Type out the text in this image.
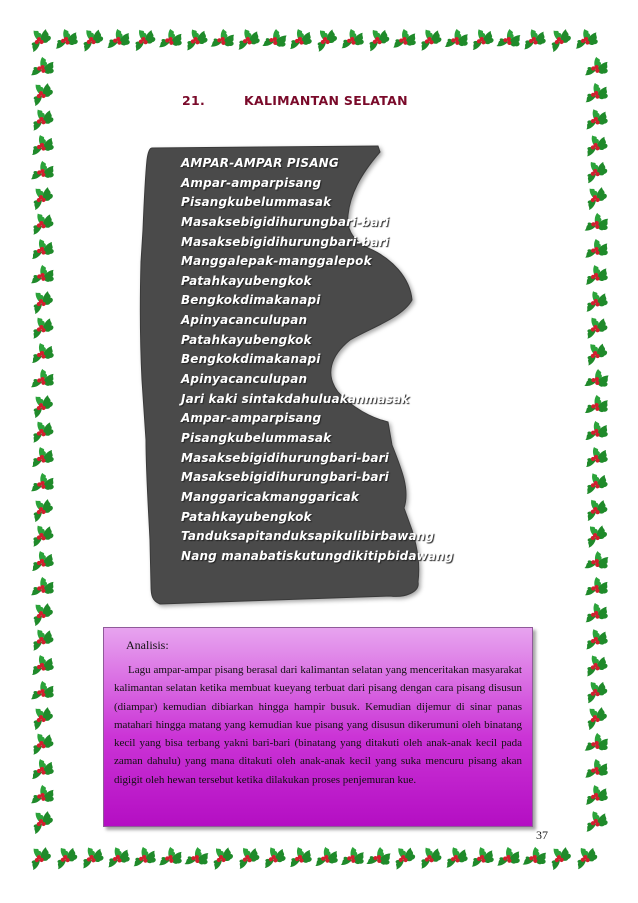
21.	KALIMANTAN SELATAN
AMPAR-AMPAR PISANG
Ampar-amparpisang
Pisangkubelummasak
Masaksebigidihurungbari-bari
Masaksebigidihurungbari-bari
Manggalepak-manggalepok
Patahkayubengkok
Bengkokdimakanapi
Apinyacanculupan
Patahkayubengkok
Bengkokdimakanapi
Apinyacanculupan
Jari kaki sintakdahuluakanmasak
Ampar-amparpisang
Pisangkubelummasak
Masaksebigidihurungbari-bari
Masaksebigidihurungbari-bari
Manggaricakmanggaricak
Patahkayubengkok
Tanduksapitanduksapikulibirbawang
Nang manabatiskutungdikitipbidawang

Analisis:

Lagu ampar-ampar pisang berasal dari kalimantan selatan yang menceritakan masyarakat kalimantan selatan ketika membuat kueyang terbuat dari pisang dengan cara pisang disusun (diampar) kemudian dibiarkan hingga hampir busuk. Kemudian dijemur di sinar panas matahari hingga matang yang kemudian kue pisang yang disusun dikerumuni oleh binatang kecil yang bisa terbang yakni bari-bari (binatang yang ditakuti oleh anak-anak kecil pada zaman dahulu) yang mana ditakuti oleh anak-anak kecil yang suka mencuru pisang akan digigit oleh hewan tersebut ketika dilakukan proses penjemuran kue.

37
